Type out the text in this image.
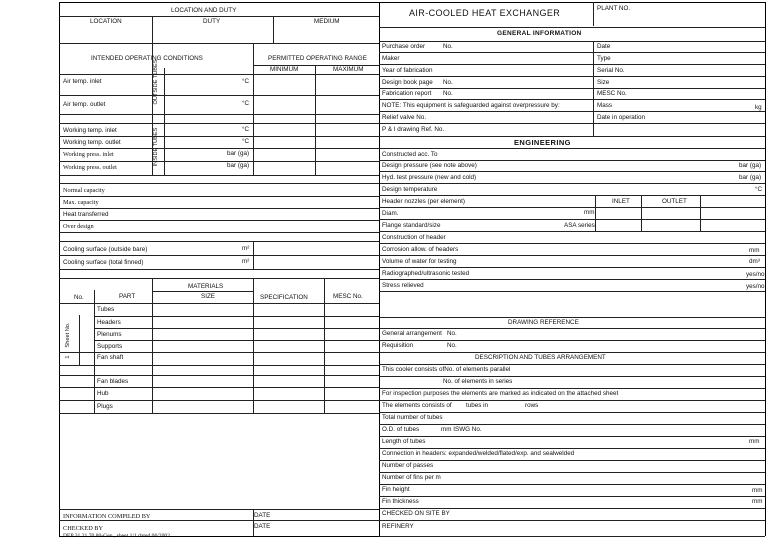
LOCATION AND DUTY
LOCATION	DUTY	MEDIUM
INTENDED OPERATING CONDITIONS	PERMITTED OPERATING RANGE
MINIMUM	MAXIMUM
OUTSIDE TUBES
INSIDE TUBES
Air temp. inlet	°C
Air temp. outlet	°C
Working temp. inlet	°C
Working temp. outlet	°C
Working press. inlet	bar (ga)
Working press. outlet	bar (ga)
Normal capacity
Max. capacity
Heat transferred
Over design
Cooling surface (outside bare)	m²
Cooling surface (total finned)	m²
MATERIALS
No.	PART	SIZE	SPECIFICATION	MESC No.
Tubes
Headers
Plenums
Supports
Fan shaft
Fan blades
Hub
Plugs
Sheet No.
1
INFORMATION COMPILED BY	DATE
CHECKED BY	DATE
DEP 31.21.70.80-Gen., sheet 1/1 dated 06/2002
AIR-COOLED HEAT EXCHANGER	PLANT NO.
GENERAL INFORMATION
Purchase order	No.	Date
Maker	Type
Year of fabrication	Serial No.
Design book page No.	Size
Fabrication report No.	MESC No.
NOTE: This equipment is safeguarded against overpressure by:	Mass	kg
Relief valve No.	Date in operation
P & I drawing Ref. No.
ENGINEERING
Constructed acc. To
Design pressure (see note above)	bar (ga)
Hyd. test pressure (new and cold)	bar (ga)
Design temperature	°C
Header nozzles (per element)	INLET	OUTLET
Diam.	mm
Flange standard/size	ASA series
Construction of header
Corrosion allow. of headers	mm
Volume of water for testing	dm³
Radiographed/ultrasonic tested	yes/no
Stress relieved	yes/no
DRAWING REFERENCE
General arrangement No.
Requisition	No.
DESCRIPTION AND TUBES ARRANGEMENT
This cooler consists ofNo. of elements parallel
No. of elements in series
For inspection purposes the elements are marked as indicated on the attached sheet
The elements consists of tubes in	rows
Total number of tubes
O.D. of tubes	mm ISWG No.
Length of tubes	mm
Connection in headers: expanded/welded/flated/exp. and sealwelded
Number of passes
Number of fins per m
Fin height	mm
Fin thickness	mm
CHECKED ON SITE BY
REFINERY
